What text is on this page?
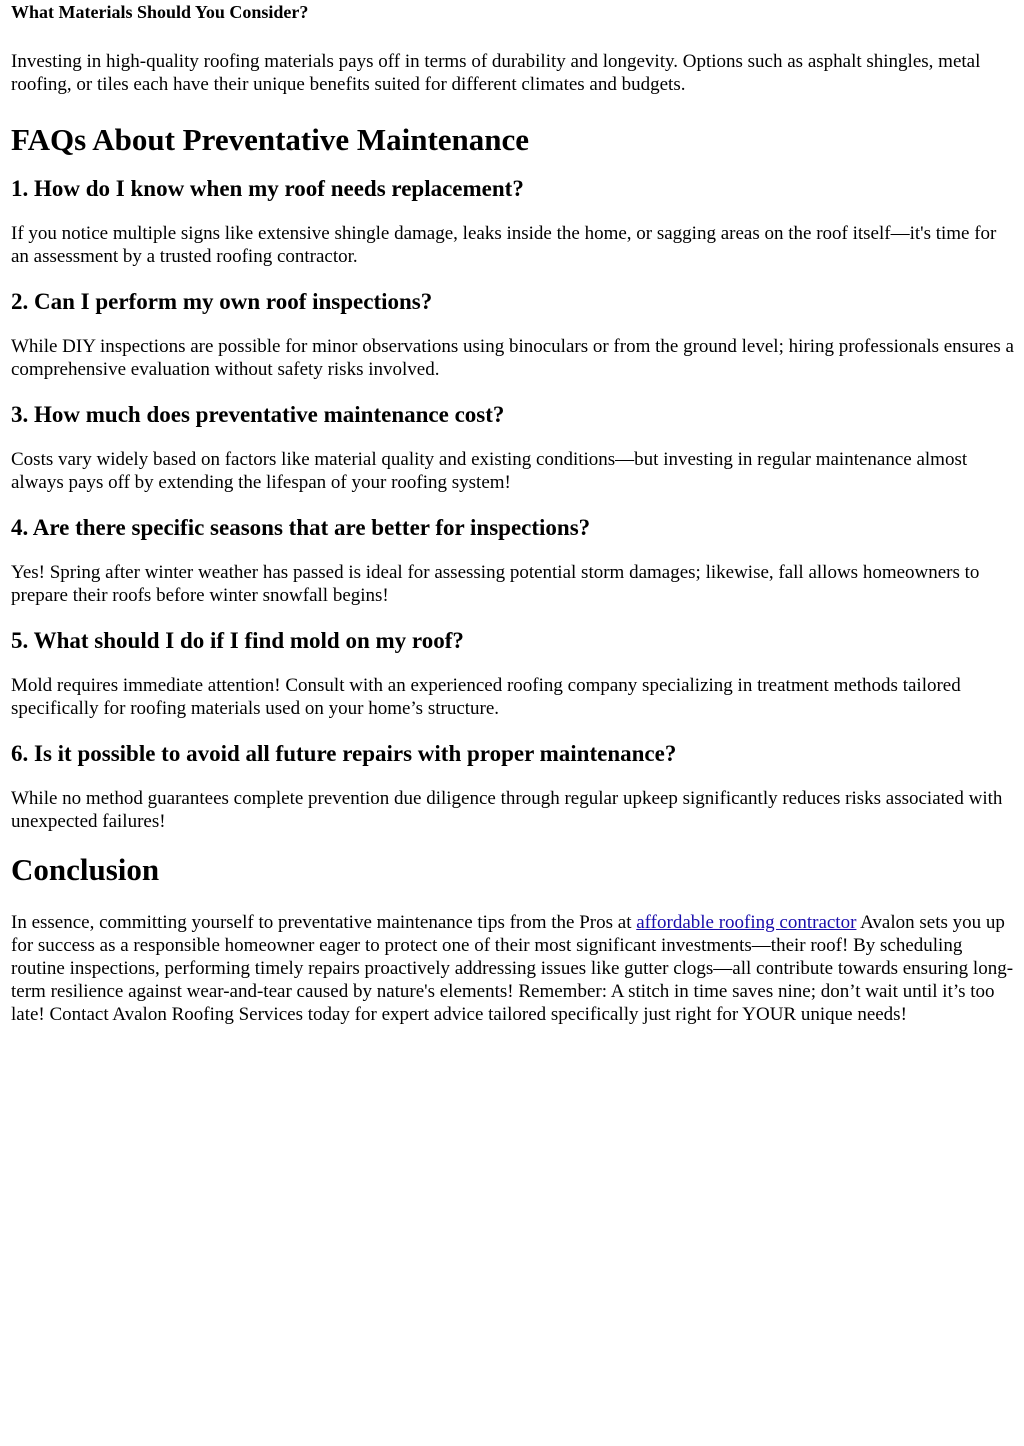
What Materials Should You Consider?

Investing in high-quality roofing materials pays off in terms of durability and longevity. Options such as asphalt shingles, metal roofing, or tiles each have their unique benefits suited for different climates and budgets.

FAQs About Preventative Maintenance
1. How do I know when my roof needs replacement?

If you notice multiple signs like extensive shingle damage, leaks inside the home, or sagging areas on the roof itself—it's time for an assessment by a trusted roofing contractor.

2. Can I perform my own roof inspections?

While DIY inspections are possible for minor observations using binoculars or from the ground level; hiring professionals ensures a comprehensive evaluation without safety risks involved.

3. How much does preventative maintenance cost?

Costs vary widely based on factors like material quality and existing conditions—but investing in regular maintenance almost always pays off by extending the lifespan of your roofing system!

4. Are there specific seasons that are better for inspections?

Yes! Spring after winter weather has passed is ideal for assessing potential storm damages; likewise, fall allows homeowners to prepare their roofs before winter snowfall begins!

5. What should I do if I find mold on my roof?

Mold requires immediate attention! Consult with an experienced roofing company specializing in treatment methods tailored specifically for roofing materials used on your home’s structure.

6. Is it possible to avoid all future repairs with proper maintenance?

While no method guarantees complete prevention due diligence through regular upkeep significantly reduces risks associated with unexpected failures!

Conclusion

In essence, committing yourself to preventative maintenance tips from the Pros at affordable roofing contractor Avalon sets you up for success as a responsible homeowner eager to protect one of their most significant investments—their roof! By scheduling routine inspections, performing timely repairs proactively addressing issues like gutter clogs—all contribute towards ensuring long-term resilience against wear-and-tear caused by nature's elements! Remember: A stitch in time saves nine; don’t wait until it’s too late! Contact Avalon Roofing Services today for expert advice tailored specifically just right for YOUR unique needs!
